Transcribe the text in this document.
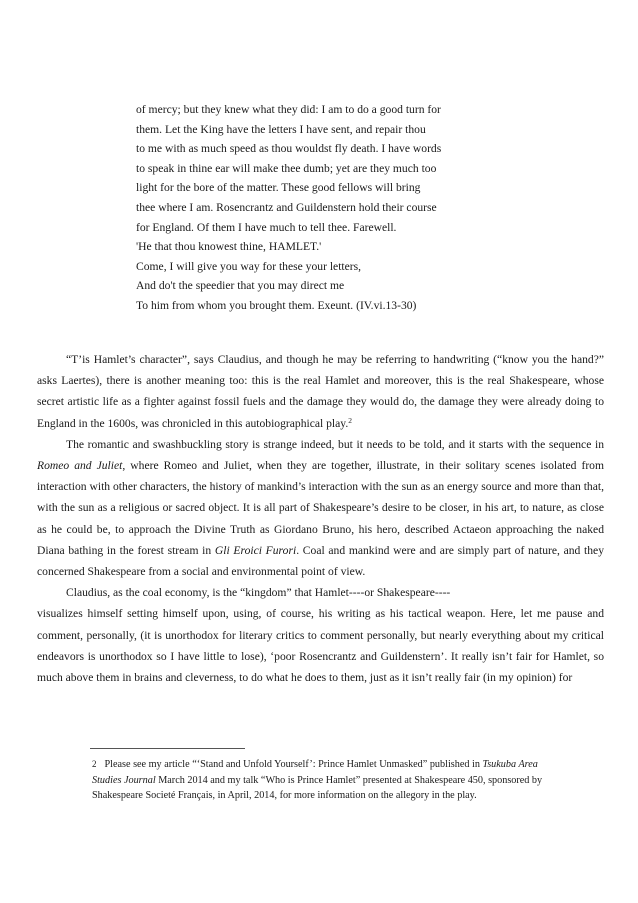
of mercy; but they knew what they did: I am to do a good turn for
them. Let the King have the letters I have sent, and repair thou
to me with as much speed as thou wouldst fly death. I have words
to speak in thine ear will make thee dumb; yet are they much too
light for the bore of the matter. These good fellows will bring
thee where I am. Rosencrantz and Guildenstern hold their course
for England. Of them I have much to tell thee. Farewell.
'He that thou knowest thine, HAMLET.'
Come, I will give you way for these your letters,
And do't the speedier that you may direct me
To him from whom you brought them. Exeunt. (IV.vi.13-30)

“T’is Hamlet’s character”, says Claudius, and though he may be referring to handwriting (“know you the hand?” asks Laertes), there is another meaning too: this is the real Hamlet and moreover, this is the real Shakespeare, whose secret artistic life as a fighter against fossil fuels and the damage they would do, the damage they were already doing to England in the 1600s, was chronicled in this autobiographical play.$^2$

The romantic and swashbuckling story is strange indeed, but it needs to be told, and it starts with the sequence in Romeo and Juliet, where Romeo and Juliet, when they are together, illustrate, in their solitary scenes isolated from interaction with other characters, the history of mankind’s interaction with the sun as an energy source and more than that, with the sun as a religious or sacred object. It is all part of Shakespeare’s desire to be closer, in his art, to nature, as close as he could be, to approach the Divine Truth as Giordano Bruno, his hero, described Actaeon approaching the naked Diana bathing in the forest stream in Gli Eroici Furori. Coal and mankind were and are simply part of nature, and they concerned Shakespeare from a social and environmental point of view.

Claudius, as the coal economy, is the “kingdom” that Hamlet----or Shakespeare----

visualizes himself setting himself upon, using, of course, his writing as his tactical weapon. Here, let me pause and comment, personally, (it is unorthodox for literary critics to comment personally, but nearly everything about my critical endeavors is unorthodox so I have little to lose), ‘poor Rosencrantz and Guildenstern’. It really isn’t fair for Hamlet, so much above them in brains and cleverness, to do what he does to them, just as it isn’t really fair (in my opinion) for

2 Please see my article “‘Stand and Unfold Yourself’: Prince Hamlet Unmasked” published in Tsukuba Area Studies Journal March 2014 and my talk “Who is Prince Hamlet” presented at Shakespeare 450, sponsored by Shakespeare Societé Français, in April, 2014, for more information on the allegory in the play.
